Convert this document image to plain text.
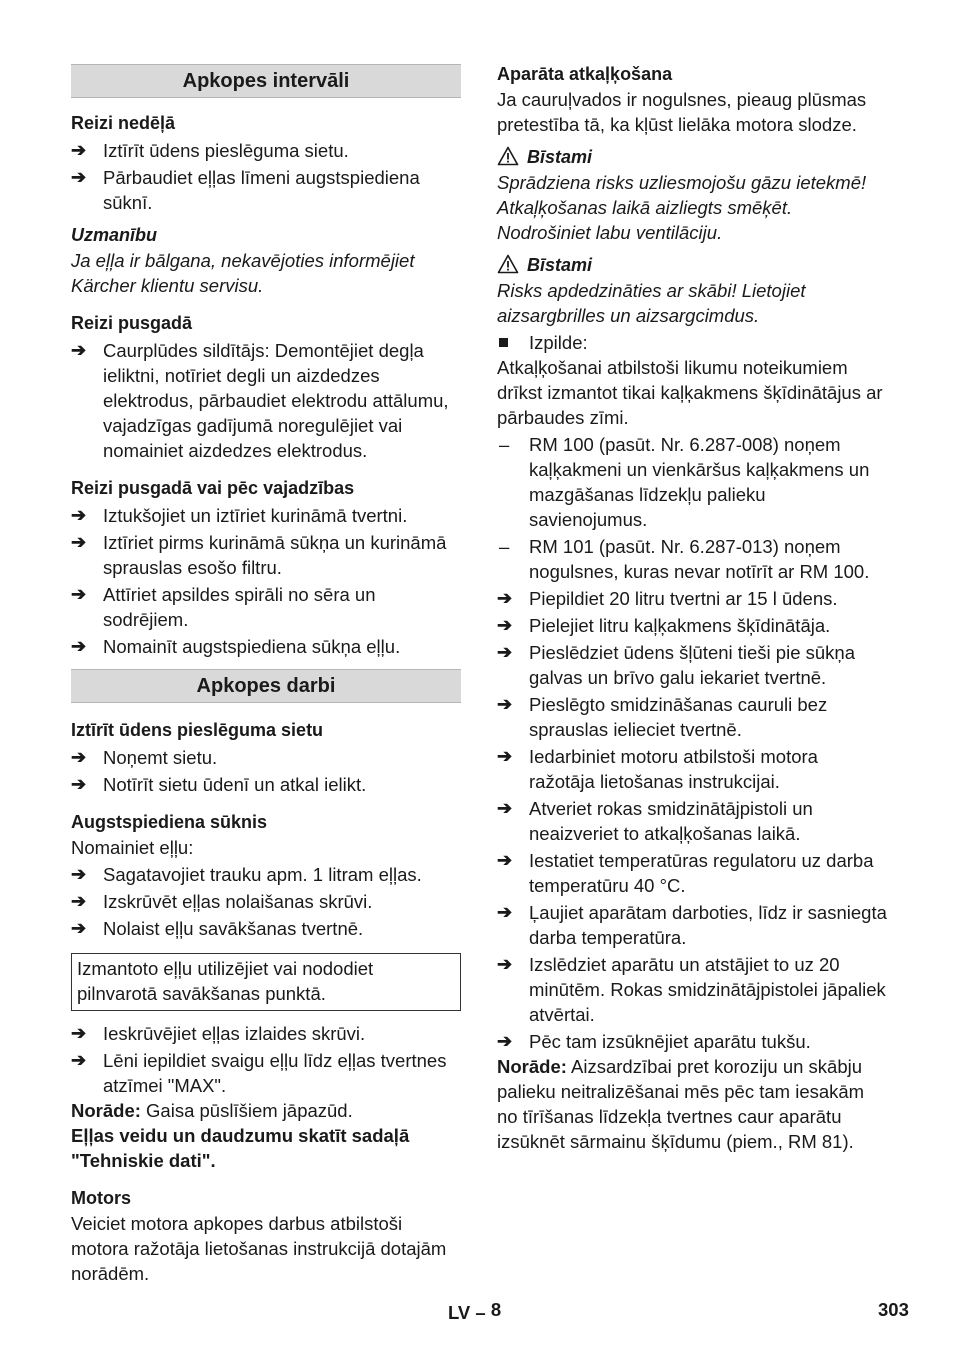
Apkopes intervāli
Reizi nedēļā
➔ Iztīrīt ūdens pieslēguma sietu.
➔ Pārbaudiet eļļas līmeni augstspiediena sūknī.
Uzmanību
Ja eļļa ir bālgana, nekavējoties informējiet Kärcher klientu servisu.
Reizi pusgadā
➔ Caurplūdes sildītājs: Demontējiet degļa ieliktni, notīriet degli un aizdedzes elektrodus, pārbaudiet elektrodu attālumu, vajadzīgas gadījumā noregulējiet vai nomainiet aizdedzes elektrodus.
Reizi pusgadā vai pēc vajadzības
➔ Iztukšojiet un iztīriet kurināmā tvertni.
➔ Iztīriet pirms kurināmā sūkņa un kurināmā sprauslas esošo filtru.
➔ Attīriet apsildes spirāli no sēra un sodrējiem.
➔ Nomainīt augstspiediena sūkņa eļļu.
Apkopes darbi
Iztīrīt ūdens pieslēguma sietu
➔ Noņemt sietu.
➔ Notīrīt sietu ūdenī un atkal ielikt.
Augstspiediena sūknis
Nomainiet eļļu:
➔ Sagatavojiet trauku apm. 1 litram eļļas.
➔ Izskrūvēt eļļas nolaišanas skrūvi.
➔ Nolaist eļļu savākšanas tvertnē.
Izmantoto eļļu utilizējiet vai nododiet pilnvarotā savākšanas punktā.
➔ Ieskrūvējiet eļļas izlaides skrūvi.
➔ Lēni iepildiet svaigu eļļu līdz eļļas tvertnes atzīmei "MAX".
Norāde: Gaisa pūslīšiem jāpazūd.
Eļļas veidu un daudzumu skatīt sadaļā "Tehniskie dati".
Motors
Veiciet motora apkopes darbus atbilstoši motora ražotāja lietošanas instrukcijā dotajām norādēm.
Aparāta atkaļķošana
Ja cauruļvados ir nogulsnes, pieaug plūsmas pretestība tā, ka kļūst lielāka motora slodze.
Bīstami
Sprādziena risks uzliesmojošu gāzu ietekmē! Atkaļķošanas laikā aizliegts smēķēt. Nodrošiniet labu ventilāciju.
Bīstami
Risks apdedzināties ar skābi! Lietojiet aizsargbrilles un aizsargcimdus.
Izpilde:
Atkaļķošanai atbilstoši likumu noteikumiem drīkst izmantot tikai kaļķakmens šķīdinātājus ar pārbaudes zīmi.
– RM 100 (pasūt. Nr. 6.287-008) noņem kaļķakmeni un vienkāršus kaļķakmens un mazgāšanas līdzekļu palieku savienojumus.
– RM 101 (pasūt. Nr. 6.287-013) noņem nogulsnes, kuras nevar notīrīt ar RM 100.
➔ Piepildiet 20 litru tvertni ar 15 l ūdens.
➔ Pielejiet litru kaļķakmens šķīdinātāja.
➔ Pieslēdziet ūdens šļūteni tieši pie sūkņa galvas un brīvo galu iekariet tvertnē.
➔ Pieslēgto smidzināšanas cauruli bez sprauslas ielieciet tvertnē.
➔ Iedarbiniet motoru atbilstoši motora ražotāja lietošanas instrukcijai.
➔ Atveriet rokas smidzinātājpistoli un neaizveriet to atkaļķošanas laikā.
➔ Iestatiet temperatūras regulatoru uz darba temperatūru 40 °C.
➔ Ļaujiet aparātam darboties, līdz ir sasniegta darba temperatūra.
➔ Izslēdziet aparātu un atstājiet to uz 20 minūtēm. Rokas smidzinātājpistolei jāpaliek atvērtai.
➔ Pēc tam izsūknējiet aparātu tukšu.
Norāde: Aizsardzībai pret koroziju un skābju palieku neitralizēšanai mēs pēc tam iesakām no tīrīšanas līdzekļa tvertnes caur aparātu izsūknēt sārmainu šķīdumu (piem., RM 81).
LV – 8	303
